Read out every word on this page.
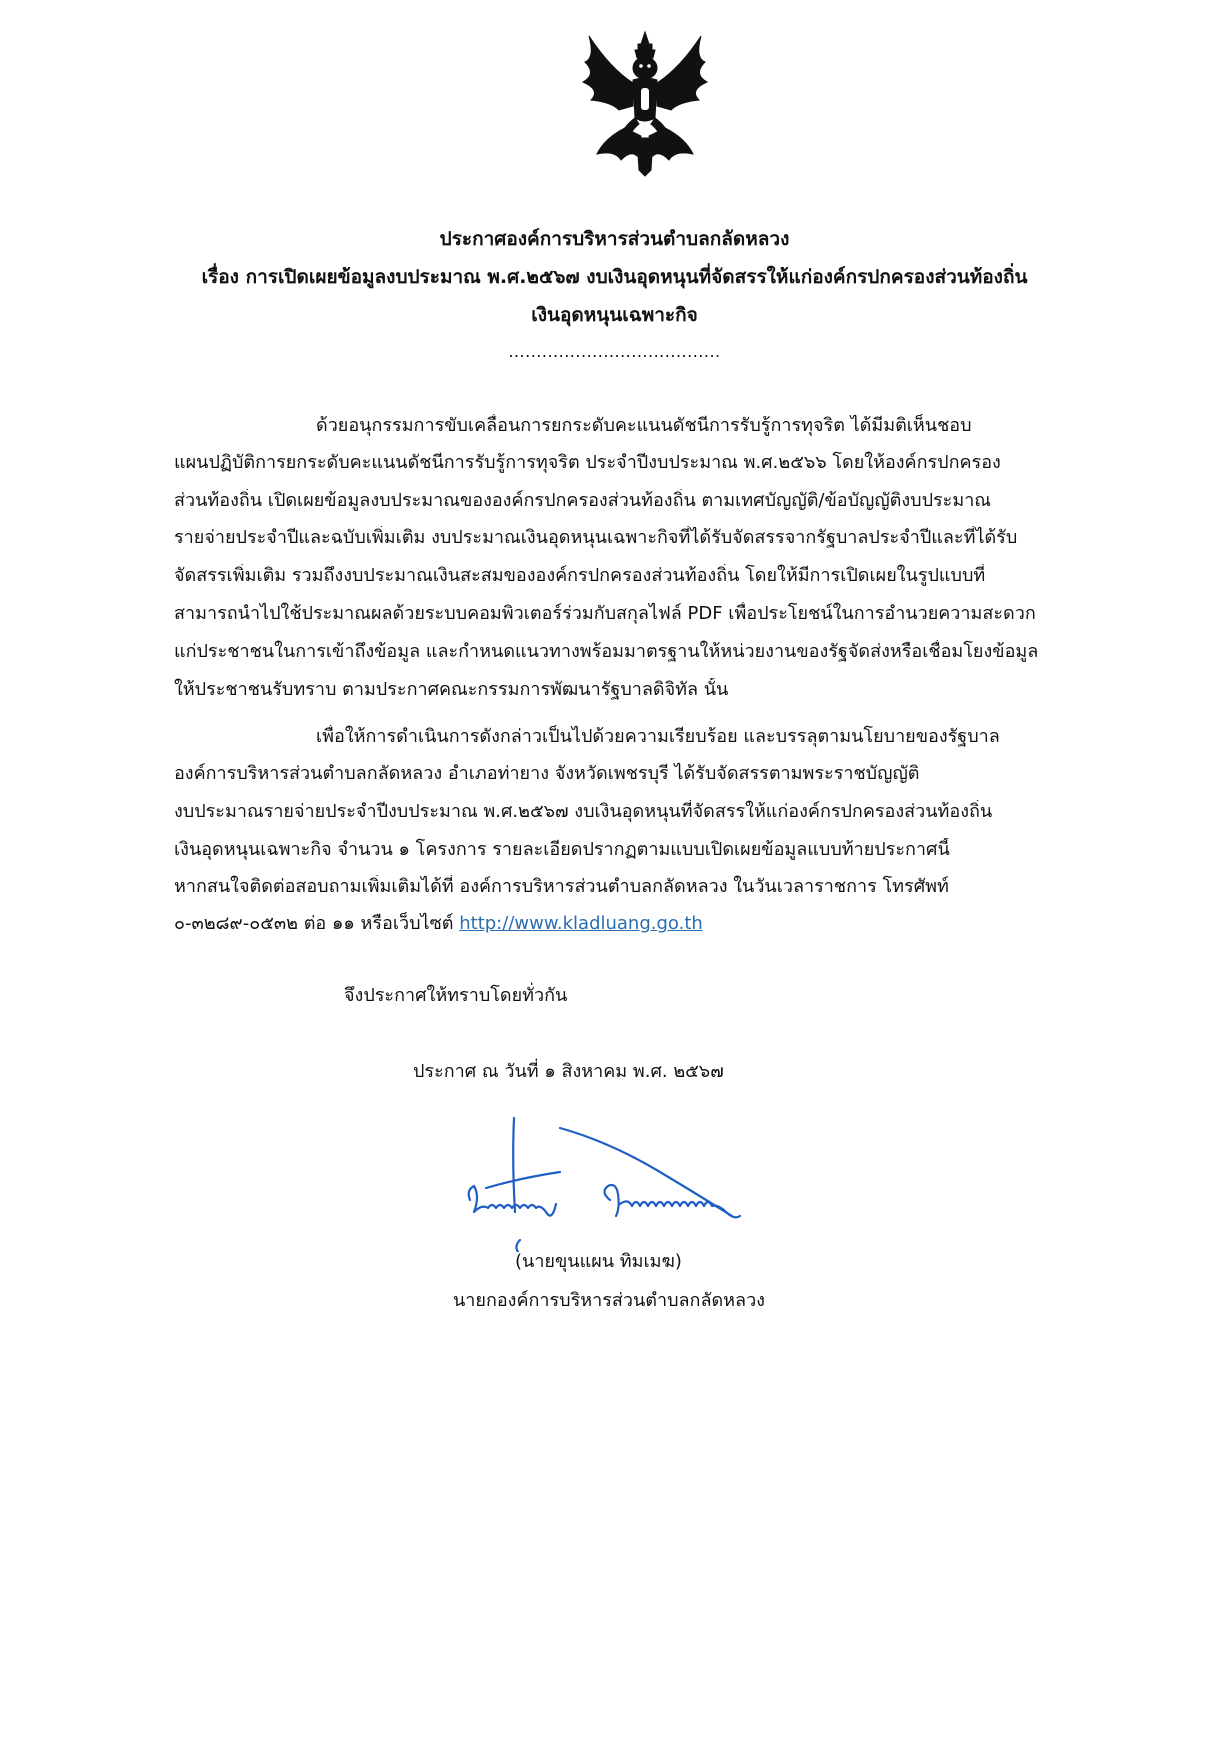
ประกาศองค์การบริหารส่วนตำบลกลัดหลวง
เรื่อง การเปิดเผยข้อมูลงบประมาณ พ.ศ.๒๕๖๗ งบเงินอุดหนุนที่จัดสรรให้แก่องค์กรปกครองส่วนท้องถิ่น
เงินอุดหนุนเฉพาะกิจ
......................................
ด้วยอนุกรรมการขับเคลื่อนการยกระดับคะแนนดัชนีการรับรู้การทุจริต ได้มีมติเห็นชอบ
แผนปฏิบัติการยกระดับคะแนนดัชนีการรับรู้การทุจริต ประจำปีงบประมาณ พ.ศ.๒๕๖๖ โดยให้องค์กรปกครอง
ส่วนท้องถิ่น เปิดเผยข้อมูลงบประมาณขององค์กรปกครองส่วนท้องถิ่น ตามเทศบัญญัติ/ข้อบัญญัติงบประมาณ
รายจ่ายประจำปีและฉบับเพิ่มเติม งบประมาณเงินอุดหนุนเฉพาะกิจที่ได้รับจัดสรรจากรัฐบาลประจำปีและที่ได้รับ
จัดสรรเพิ่มเติม รวมถึงงบประมาณเงินสะสมขององค์กรปกครองส่วนท้องถิ่น โดยให้มีการเปิดเผยในรูปแบบที่
สามารถนำไปใช้ประมาณผลด้วยระบบคอมพิวเตอร์ร่วมกับสกุลไฟล์ PDF เพื่อประโยชน์ในการอำนวยความสะดวก
แก่ประชาชนในการเข้าถึงข้อมูล และกำหนดแนวทางพร้อมมาตรฐานให้หน่วยงานของรัฐจัดส่งหรือเชื่อมโยงข้อมูล
ให้ประชาชนรับทราบ ตามประกาศคณะกรรมการพัฒนารัฐบาลดิจิทัล นั้น
เพื่อให้การดำเนินการดังกล่าวเป็นไปด้วยความเรียบร้อย และบรรลุตามนโยบายของรัฐบาล
องค์การบริหารส่วนตำบลกลัดหลวง อำเภอท่ายาง จังหวัดเพชรบุรี ได้รับจัดสรรตามพระราชบัญญัติ
งบประมาณรายจ่ายประจำปีงบประมาณ พ.ศ.๒๕๖๗ งบเงินอุดหนุนที่จัดสรรให้แก่องค์กรปกครองส่วนท้องถิ่น
เงินอุดหนุนเฉพาะกิจ จำนวน ๑ โครงการ รายละเอียดปรากฏตามแบบเปิดเผยข้อมูลแบบท้ายประกาศนี้
หากสนใจติดต่อสอบถามเพิ่มเติมได้ที่ องค์การบริหารส่วนตำบลกลัดหลวง ในวันเวลาราชการ โทรศัพท์
๐-๓๒๘๙-๐๕๓๒ ต่อ ๑๑ หรือเว็บไซต์ http://www.kladluang.go.th
จึงประกาศให้ทราบโดยทั่วกัน
ประกาศ ณ วันที่ ๑ สิงหาคม พ.ศ. ๒๕๖๗
(นายขุนแผน ทิมเมฆ)
นายกองค์การบริหารส่วนตำบลกลัดหลวง
